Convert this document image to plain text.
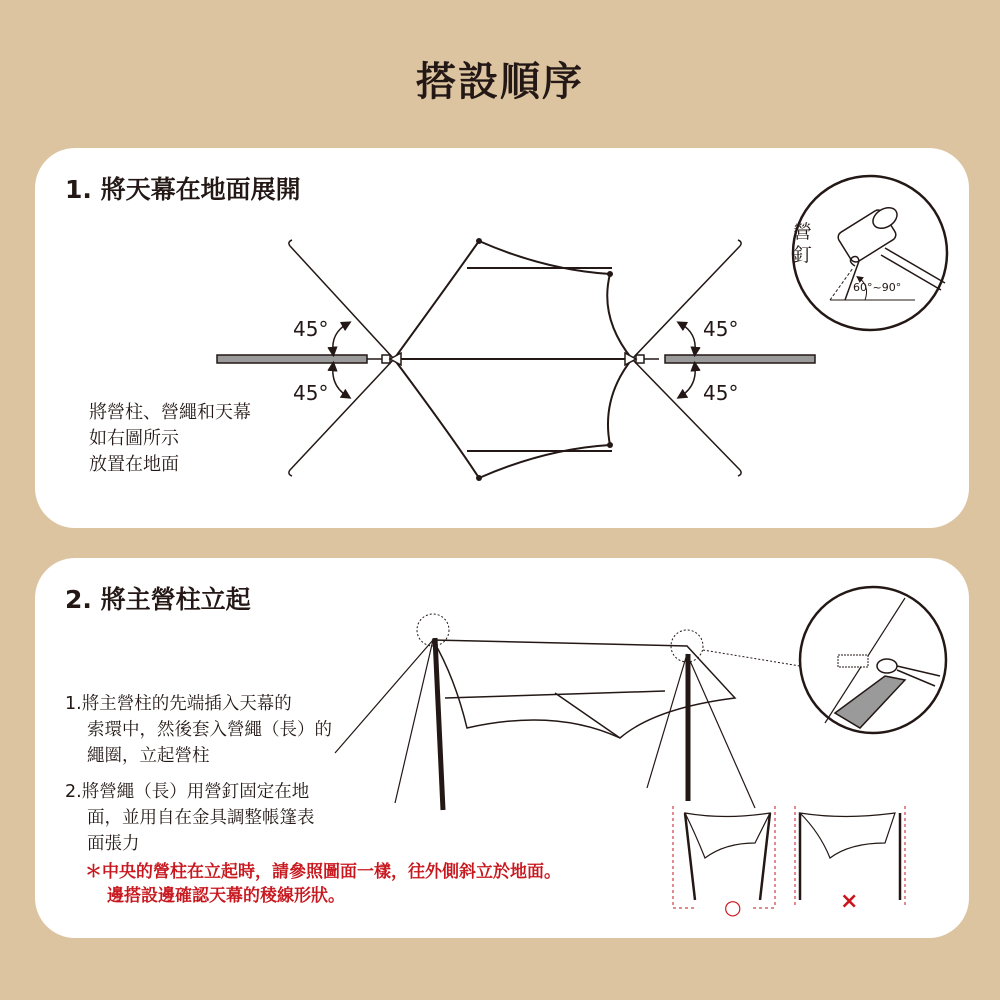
搭設順序
1. 將天幕在地面展開
將營柱、營繩和天幕
如右圖所示
放置在地面
45°
45°
45°
45°
營
釘
60°~90°
2. 將主營柱立起
1.將主營柱的先端插入天幕的
索環中，然後套入營繩（長）的
繩圈，立起營柱
2.將營繩（長）用營釘固定在地
面，並用自在金具調整帳篷表
面張力
＊中央的營柱在立起時，請參照圖面一樣，往外側斜立於地面。
邊搭設邊確認天幕的稜線形狀。	○	×
